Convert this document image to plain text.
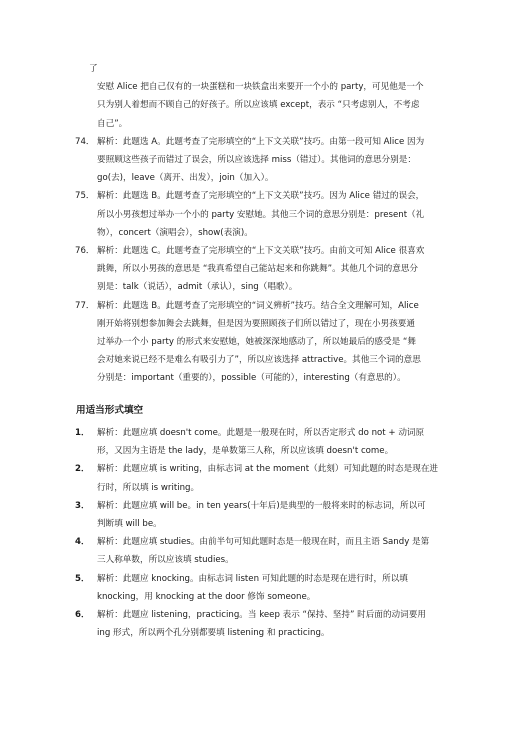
了

安慰 Alice 把自己仅有的一块蛋糕和一块铁盒出来要开一个小的 party，可见他是一个

只为别人着想而不顾自己的好孩子。所以应该填 except，表示 “只考虑别人，不考虑

自己”。

74． 解析：此题选 A。此题考查了完形填空的“上下文关联”技巧。由第一段可知 Alice 因为

要照顾这些孩子而错过了误会，所以应该选择 miss（错过）。其他词的意思分别是：

go(去)，leave（离开、出发），join（加入）。

75． 解析：此题选 B。此题考查了完形填空的“上下文关联”技巧。因为 Alice 错过的误会，

所以小男孩想过举办一个小的 party 安慰她。其他三个词的意思分别是：present（礼

物），concert（演唱会），show(表演)。

76． 解析：此题选 C。此题考查了完形填空的“上下文关联”技巧。由前文可知 Alice 很喜欢

跳舞，所以小男孩的意思是 “我真希望自己能站起来和你跳舞”。其他几个词的意思分

别是：talk（说话），admit（承认），sing（唱歌）。

77． 解析：此题选 B。此题考查了完形填空的“词义辨析”技巧。结合全文理解可知，Alice

刚开始将别想参加舞会去跳舞，但是因为要照顾孩子们所以错过了，现在小男孩要通

过举办一个小 party 的形式来安慰她，她被深深地感动了，所以她最后的感受是 “舞

会对她来说已经不是难么有吸引力了”，所以应该选择 attractive。其他三个词的意思

分别是：important（重要的），possible（可能的），interesting（有意思的）。

用适当形式填空

1． 解析：此题应填 doesn't come。此题是一般现在时，所以否定形式 do not + 动词原

形，又因为主语是 the lady，是单数第三人称，所以应该填 doesn't come。

2． 解析：此题应填 is writing，由标志词 at the moment（此刻）可知此题的时态是现在进

行时，所以填 is writing。

3． 解析：此题应填 will be。in ten years(十年后)是典型的一般将来时的标志词，所以可

判断填 will be。

4． 解析：此题应填 studies。由前半句可知此题时态是一般现在时，而且主语 Sandy 是第

三人称单数，所以应该填 studies。

5． 解析：此题应 knocking。由标志词 listen 可知此题的时态是现在进行时，所以填

knocking，用 knocking at the door 修饰 someone。

6． 解析：此题应 listening，practicing。当 keep 表示 “保持、坚持” 时后面的动词要用

ing 形式，所以两个孔分别都要填 listening 和 practicing。
